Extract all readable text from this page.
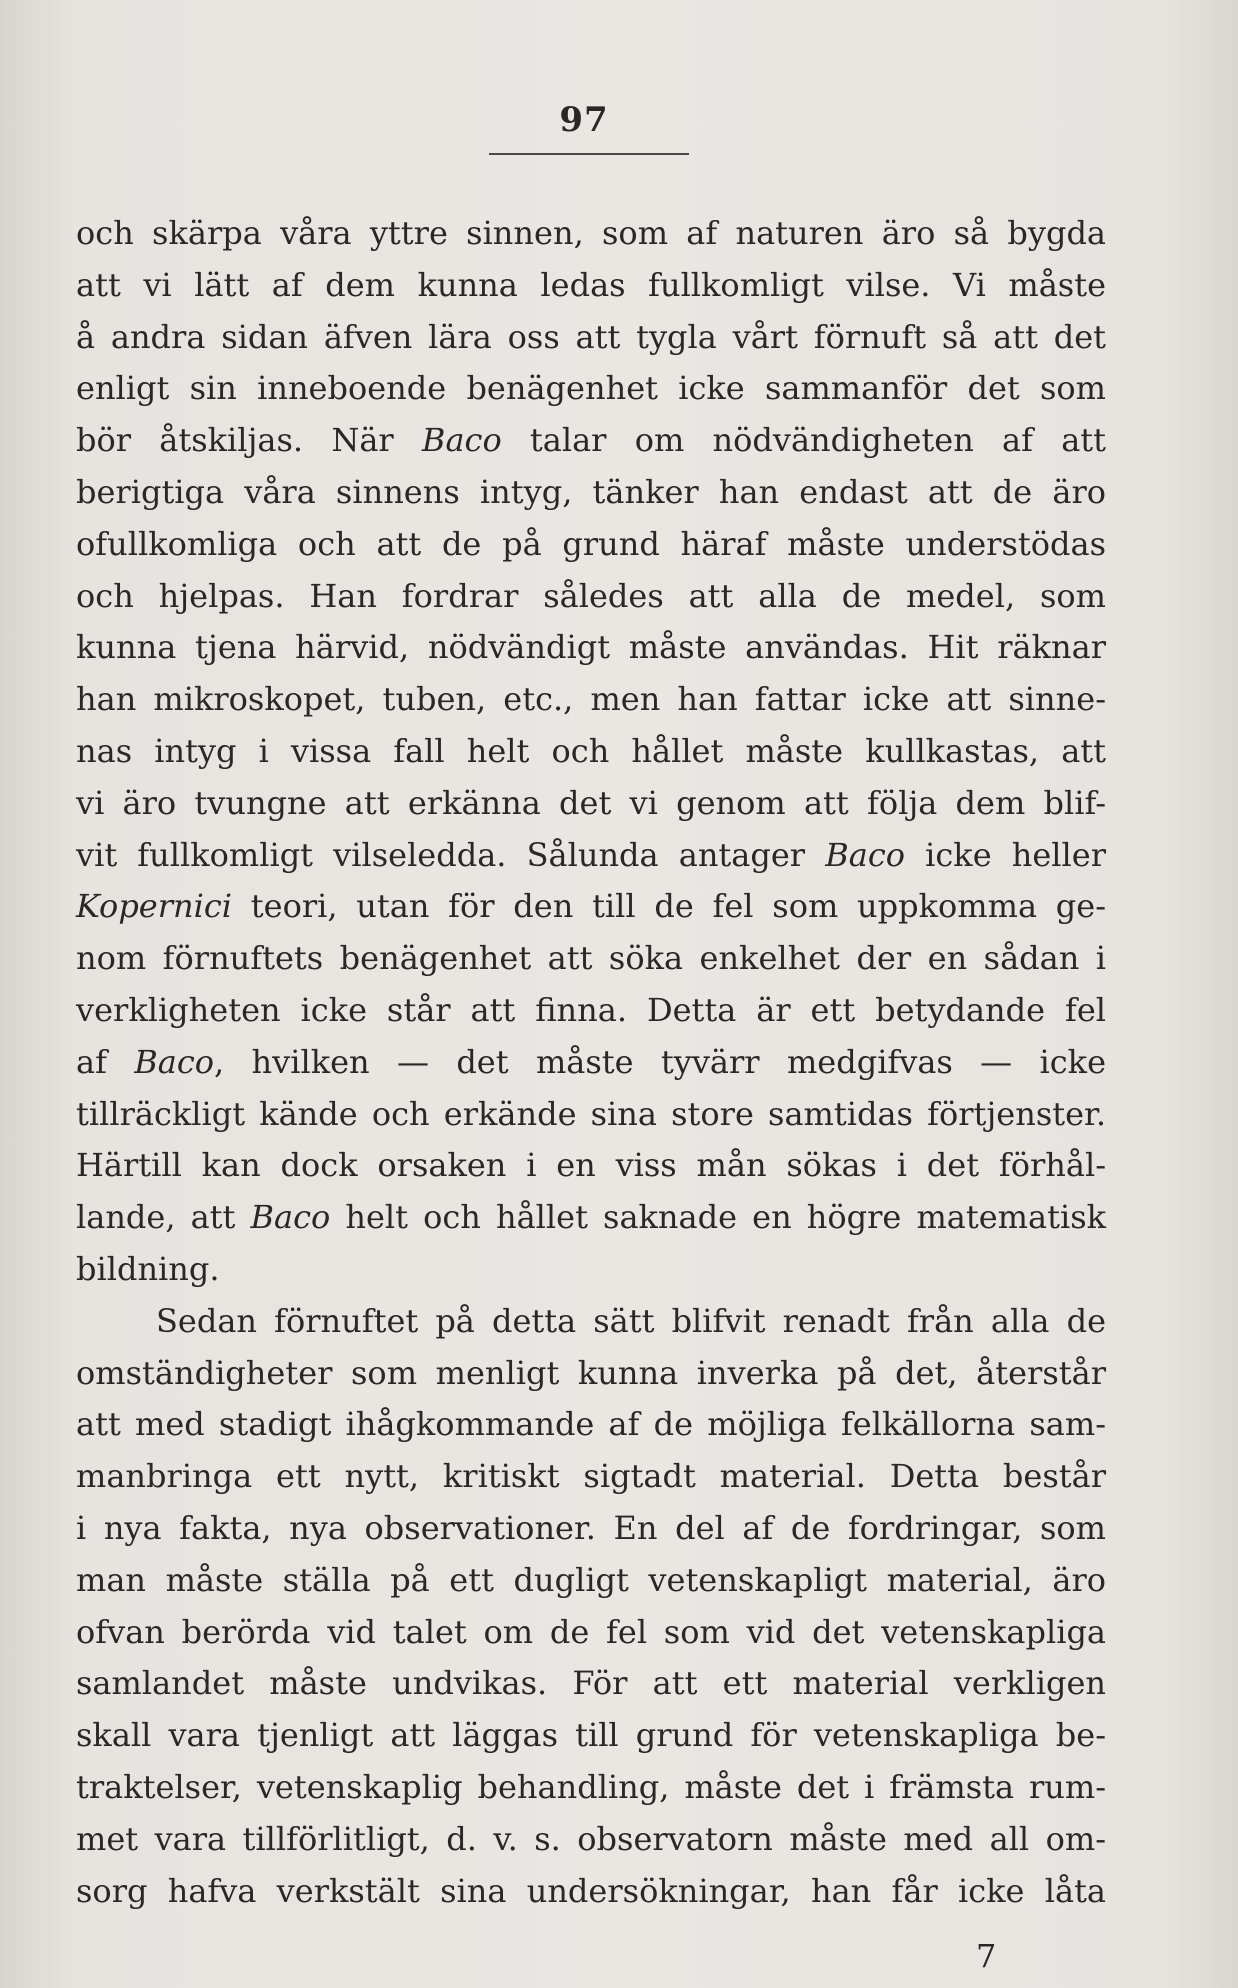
97
och skärpa våra yttre sinnen, som af naturen äro så bygda
att vi lätt af dem kunna ledas fullkomligt vilse. Vi måste
å andra sidan äfven lära oss att tygla vårt förnuft så att det
enligt sin inneboende benägenhet icke sammanför det som
bör åtskiljas. När Baco talar om nödvändigheten af att
berigtiga våra sinnens intyg, tänker han endast att de äro
ofullkomliga och att de på grund häraf måste understödas
och hjelpas. Han fordrar således att alla de medel, som
kunna tjena härvid, nödvändigt måste användas. Hit räknar
han mikroskopet, tuben, etc., men han fattar icke att sinne-
nas intyg i vissa fall helt och hållet måste kullkastas, att
vi äro tvungne att erkänna det vi genom att följa dem blif-
vit fullkomligt vilseledda. Sålunda antager Baco icke heller
Kopernici teori, utan för den till de fel som uppkomma ge-
nom förnuftets benägenhet att söka enkelhet der en sådan i
verkligheten icke står att finna. Detta är ett betydande fel
af Baco, hvilken — det måste tyvärr medgifvas — icke
tillräckligt kände och erkände sina store samtidas förtjenster.
Härtill kan dock orsaken i en viss mån sökas i det förhål-
lande, att Baco helt och hållet saknade en högre matematisk
bildning.
Sedan förnuftet på detta sätt blifvit renadt från alla de
omständigheter som menligt kunna inverka på det, återstår
att med stadigt ihågkommande af de möjliga felkällorna sam-
manbringa ett nytt, kritiskt sigtadt material. Detta består
i nya fakta, nya observationer. En del af de fordringar, som
man måste ställa på ett dugligt vetenskapligt material, äro
ofvan berörda vid talet om de fel som vid det vetenskapliga
samlandet måste undvikas. För att ett material verkligen
skall vara tjenligt att läggas till grund för vetenskapliga be-
traktelser, vetenskaplig behandling, måste det i främsta rum-
met vara tillförlitligt, d. v. s. observatorn måste med all om-
sorg hafva verkstält sina undersökningar, han får icke låta
7
